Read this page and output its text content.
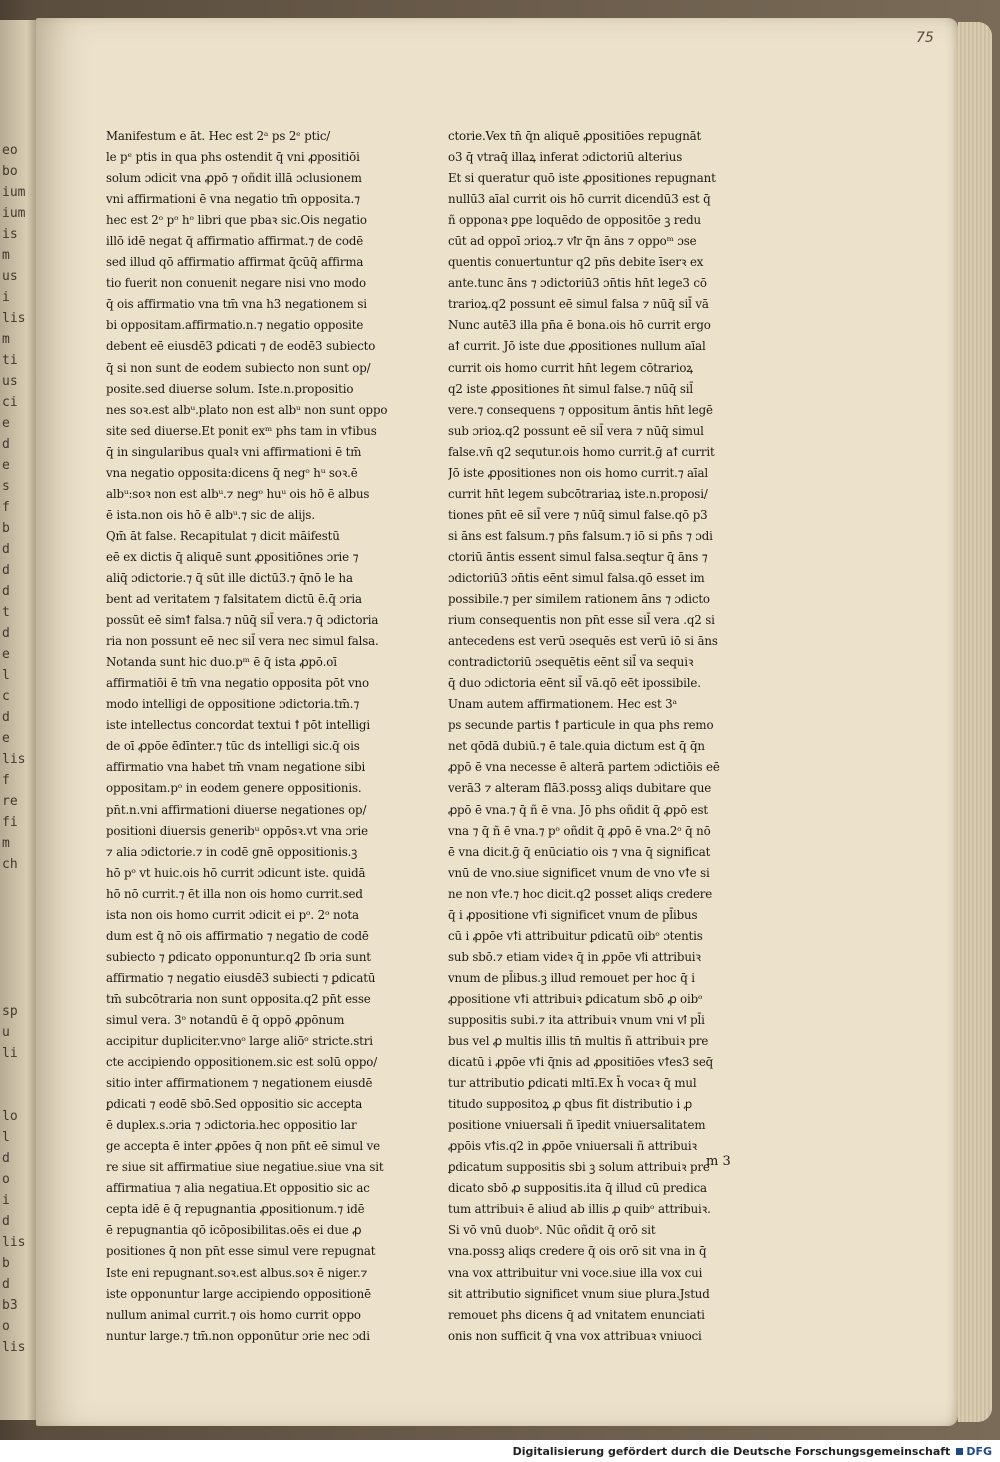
eo
bo
ium
ium
is
m
us
i
lis
m
ti
us
ci
e
d
e
s
f
b
d
d
d
t
d
e
l
c
d
e
lis
f
re
fi
m
ch

sp
u
li

lo
l
d
o
i
d
lis
b
d
b3
o
lis
75
Manifestum e āt. Hec est 2ᵃ ps 2ᵉ ptic/
le pᵉ ptis in qua phs ostendit q̄ vni ꝓpositiōi
solum ɔdicit vna ꝓpō ⁊ oñdit illā ɔclusionem
vni affirmationi ē vna negatio tm̄ opposita.⁊
hec est 2ᵒ pᵒ hᵒ libri que pbaꝛ sic.Ois negatio
illō idē negat q̄ affirmatio affirmat.⁊ de codē
sed illud qō affirmatio affirmat q̄cūq̄ affirma
tio fuerit non conuenit negare nisi vno modo
q̄ ois affirmatio vna tm̄ vna h3 negationem si
bi oppositam.affirmatio.n.⁊ negatio opposite
debent eē eiusdē3 ꝑdicati ⁊ de eodē3 subiecto
q̄ si non sunt de eodem subiecto non sunt op/
posite.sed diuerse solum. Iste.n.propositio
nes soꝛ.est albᵘ.plato non est albᵘ non sunt oppo
site sed diuerse.Et ponit exᵐ phs tam in vꝉibus
q̄ in singularibus qualꝛ vni affirmationi ē tm̄
vna negatio opposita:dicens q̄ negᵒ hᵘ soꝛ.ē
albᵘ:soꝛ non est albᵘ.⁊ negᵒ huᵘ ois hō ē albus
ē ista.non ois hō ē albᵘ.⁊ sic de alijs.
Qm̄ āt false. Recapitulat ⁊ dicit māifestū
eē ex dictis q̄ aliquē sunt ꝓpositiōnes ɔrie ⁊
aliq̄ ɔdictorie.⁊ q̄ sūt ille dictū3.⁊ q̄nō le ha
bent ad veritatem ⁊ falsitatem dictū ē.q̄ ɔria
possūt eē simꝉ falsa.⁊ nūq̄ sil̄ vera.⁊ q̄ ɔdictoria
ria non possunt eē nec sil̄ vera nec simul falsa.
Notanda sunt hic duo.pᵐ ē q̄ ista ꝓpō.oī
affirmatiōi ē tm̄ vna negatio opposita pōt vno
modo intelligi de oppositione ɔdictoria.tm̄.⁊
iste intellectus concordat textui ꝉ pōt intelligi
de oī ꝓpōe ēdīnter.⁊ tūc ds intelligi sic.q̄ ois
affirmatio vna habet tm̄ vnam negatione sibi
oppositam.pᵒ in eodem genere oppositionis.
pn̄t.n.vni affirmationi diuerse negationes op/
positioni diuersis generibᵘ oppōsꝛ.vt vna ɔrie
⁊ alia ɔdictorie.⁊ in codē gnē oppositionis.ꝫ
hō pᵒ vt huic.ois hō currit ɔdicunt iste. quidā
hō nō currit.⁊ ēt illa non ois homo currit.sed
ista non ois homo currit ɔdicit ei pᵒ. 2ᵒ nota
dum est q̄ nō ois affirmatio ⁊ negatio de codē
subiecto ⁊ ꝑdicato opponuntur.q2 ſb ɔria sunt
affirmatio ⁊ negatio eiusdē3 subiecti ⁊ ꝑdicatū
tm̄ subcōtraria non sunt opposita.q2 pn̄t esse
simul vera. 3ᵒ notandū ē q̄ oppō ꝓpōnum
accipitur dupliciter.vnoᵒ large aliōᵒ stricte.stri
cte accipiendo oppositionem.sic est solū oppo/
sitio inter affirmationem ⁊ negationem eiusdē
ꝑdicati ⁊ eodē sbō.Sed oppositio sic accepta
ē duplex.s.ɔria ⁊ ɔdictoria.hec oppositio lar
ge accepta ē inter ꝓpōes q̄ non pn̄t eē simul ve
re siue sit affirmatiue siue negatiue.siue vna sit
affirmatiua ⁊ alia negatiua.Et oppositio sic ac
cepta idē ē q̄ repugnantia ꝓpositionum.⁊ idē
ē repugnantia qō icōposibilitas.oēs ei due ꝓ
positiones q̄ non pn̄t esse simul vere repugnat
Iste eni repugnant.soꝛ.est albus.soꝛ ē niger.⁊
iste opponuntur large accipiendo oppositionē
nullum animal currit.⁊ ois homo currit oppo
nuntur large.⁊ tm̄.non opponūtur ɔrie nec ɔdi
ctorie.Vex tn̄ q̄n aliquē ꝓpositiōes repugnāt
o3 q̄ vtraq̄ illaꝝ inferat ɔdictoriū alterius
Et si queratur quō iste ꝓpositiones repugnant
nullū3 aīal currit ois hō currit dicendū3 est q̄
ñ opponaꝛ ꝑpe loquēdo de oppositōe ꝫ redu
cūt ad oppoī ɔrioꝝ.⁊ vꝉr q̄n āns ⁊ oppoᵐ ɔse
quentis conuertuntur q2 pn̄s debite īserꝛ ex
ante.tunc āns ⁊ ɔdictoriū3 ɔn̄tis hn̄t lege3 cō
trarioꝝ.q2 possunt eē simul falsa ⁊ nūq̄ sil̄ vā
Nunc autē3 illa pn̄a ē bona.ois hō currit ergo
aꝉ currit. Jō iste due ꝓpositiones nullum aīal
currit ois homo currit hn̄t legem cōtrarioꝝ
q2 iste ꝓpositiones n̄t simul false.⁊ nūq̄ sil̄
vere.⁊ consequens ⁊ oppositum āntis hn̄t legē
sub ɔrioꝝ.q2 possunt eē sil̄ vera ⁊ nūq̄ simul
false.vn̄ q2 sequtur.ois homo currit.ḡ aꝉ currit
Jō iste ꝓpositiones non ois homo currit.⁊ aīal
currit hn̄t legem subcōtrariaꝝ iste.n.proposi/
tiones pn̄t eē sil̄ vere ⁊ nūq̄ simul false.qō p3
si āns est falsum.⁊ pn̄s falsum.⁊ iō si pn̄s ⁊ ɔdi
ctoriū āntis essent simul falsa.seqtur q̄ āns ⁊
ɔdictoriū3 ɔn̄tis eēnt simul falsa.qō esset im
possibile.⁊ per similem rationem āns ⁊ ɔdicto
rium consequentis non pn̄t esse sil̄ vera .q2 si
antecedens est verū ɔsequēs est verū iō si āns
contradictoriū ɔsequētis eēnt sil̄ va sequiꝛ
q̄ duo ɔdictoria eēnt sil̄ vā.qō eēt ipossibile.
Unam autem affirmationem. Hec est 3ᵃ
ps secunde partis ꝉ particule in qua phs remo
net qōdā dubiū.⁊ ē tale.quia dictum est q̄ q̄n
ꝓpō ē vna necesse ē alterā partem ɔdictiōis eē
verā3 ⁊ alteram flā3.possꝫ aliqs dubitare que
ꝓpō ē vna.⁊ q̄ ñ ē vna. Jō phs oñdit q̄ ꝓpō est
vna ⁊ q̄ ñ ē vna.⁊ pᵒ oñdit q̄ ꝓpō ē vna.2ᵒ q̄ nō
ē vna dicit.ḡ q̄ enūciatio ois ⁊ vna q̄ significat
vnū de vno.siue significet vnum de vno vꝉe si
ne non vꝉe.⁊ hoc dicit.q2 posset aliqs credere
q̄ i ꝓpositione vꝉi significet vnum de pl̄ibus
cū i ꝓpōe vꝉi attribuitur ꝑdicatū oibᵒ ɔtentis
sub sbō.⁊ etiam videꝛ q̄ in ꝓpōe vꝉi attribuiꝛ
vnum de pl̄ibus.ꝫ illud remouet per hoc q̄ i
ꝓpositione vꝉi attribuiꝛ ꝑdicatum sbō ꝓ oibᵒ
suppositis subi.⁊ ita attribuiꝛ vnum vni vꝉ pl̄i
bus vel ꝓ multis illis tn̄ multis ñ attribuiꝛ pre
dicatū i ꝓpōe vꝉi q̄nis ad ꝓpositiōes vꝉes3 seq̄
tur attributio ꝑdicati mltī.Ex h̄ vocaꝛ q̄ mul
titudo suppositoꝝ ꝓ qbus fit distributio i ꝓ
positione vniuersali ñ īpedit vniuersalitatem
ꝓpōis vꝉis.q2 in ꝓpōe vniuersali ñ attribuiꝛ
ꝑdicatum suppositis sbi ꝫ solum attribuiꝛ pre
dicato sbō ꝓ suppositis.ita q̄ illud cū predica
tum attribuiꝛ ē aliud ab illis ꝓ quibᵒ attribuiꝛ.
Si vō vnū duobᵒ. Nūc oñdit q̄ orō sit
vna.possꝫ aliqs credere q̄ ois orō sit vna in q̄
vna vox attribuitur vni voce.siue illa vox cui
sit attributio significet vnum siue plura.Jstud
remouet phs dicens q̄ ad vnitatem enunciati
onis non sufficit q̄ vna vox attribuaꝛ vniuoci
m 3
Digitalisierung gefördert durch die Deutsche Forschungsgemeinschaft DFG
